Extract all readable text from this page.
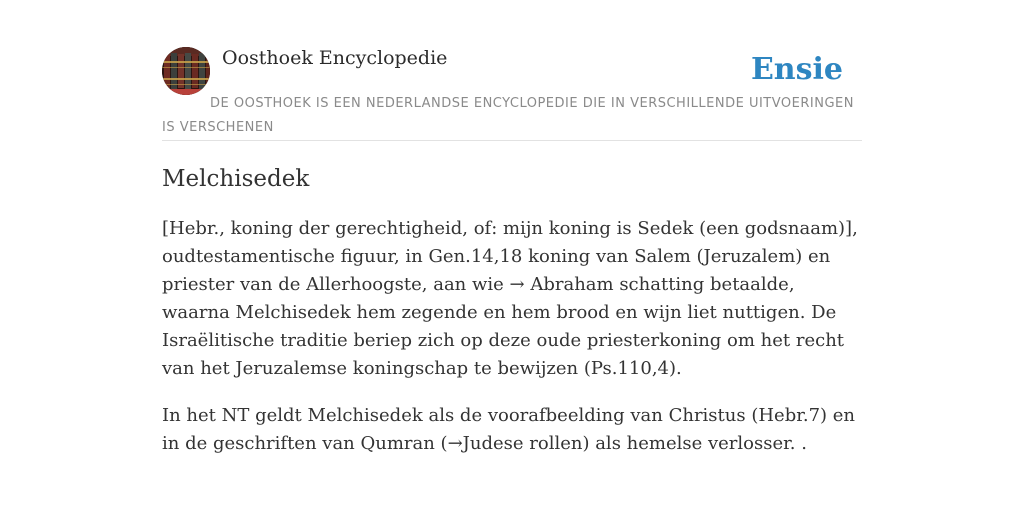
Oosthoek Encyclopedie	Ensie
DE OOSTHOEK IS EEN NEDERLANDSE ENCYCLOPEDIE DIE IN VERSCHILLENDE UITVOERINGEN IS VERSCHENEN
Melchisedek

[Hebr., koning der gerechtigheid, of: mijn koning is Sedek (een godsnaam)], oudtestamentische figuur, in Gen.14,18 koning van Salem (Jeruzalem) en priester van de Allerhoogste, aan wie → Abraham schatting betaalde, waarna Melchisedek hem zegende en hem brood en wijn liet nuttigen. De Israëlitische traditie beriep zich op deze oude priesterkoning om het recht van het Jeruzalemse koningschap te bewijzen (Ps.110,4).

In het NT geldt Melchisedek als de voorafbeelding van Christus (Hebr.7) en in de geschriften van Qumran (→Judese rollen) als hemelse verlosser. .
